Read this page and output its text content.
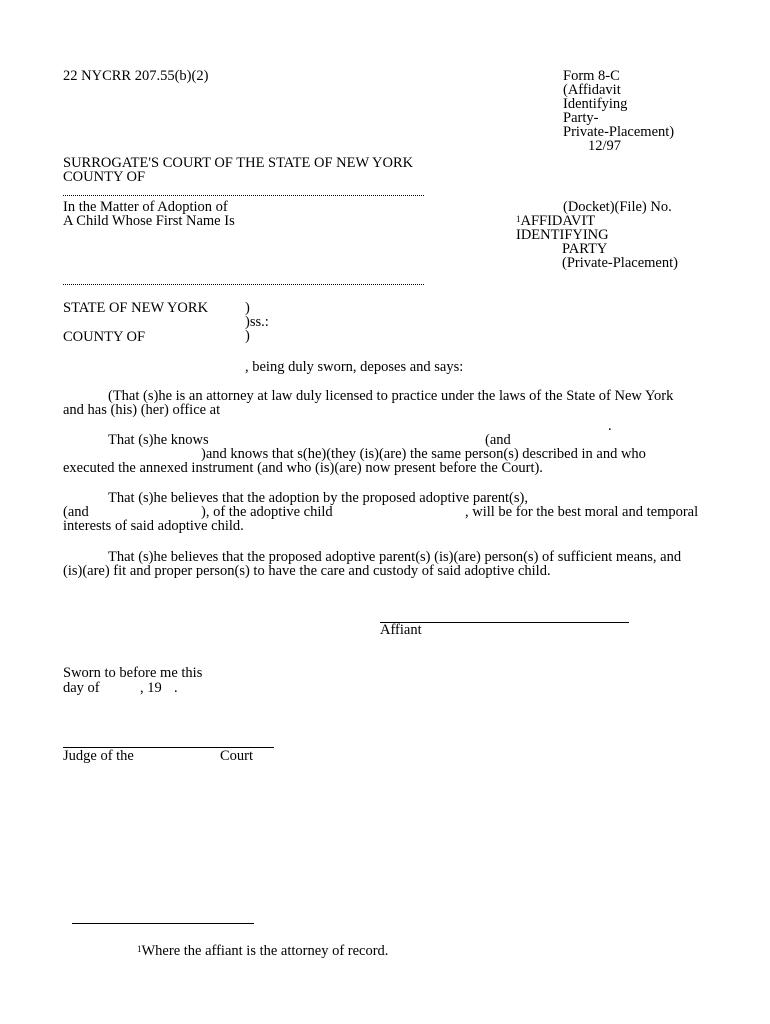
22 NYCRR 207.55(b)(2)	Form 8-C
(Affidavit
Identifying
Party-
Private-Placement)
12/97
SURROGATE'S COURT OF THE STATE OF NEW YORK
COUNTY OF
In the Matter of Adoption of
A Child Whose First Name Is
(Docket)(File) No.
$^1$AFFIDAVIT
IDENTIFYING
PARTY
(Private-Placement)
STATE OF NEW YORK
COUNTY OF
)
)ss.:
)
, being duly sworn, deposes and says:
(That (s)he is an attorney at law duly licensed to practice under the laws of the State of New York
and has (his) (her) office at
.
That (s)he knows	(and
)and knows that s(he)(they (is)(are) the same person(s) described in and who
executed the annexed instrument (and who (is)(are) now present before the Court).
That (s)he believes that the adoption by the proposed adoptive parent(s),
(and	), of the adoptive child	, will be for the best moral and temporal
interests of said adoptive child.
That (s)he believes that the proposed adoptive parent(s) (is)(are) person(s) of sufficient means, and
(is)(are) fit and proper person(s) to have the care and custody of said adoptive child.
Affiant
Sworn to before me this
day of	, 19 .
Judge of the	Court
$^1$Where the affiant is the attorney of record.
